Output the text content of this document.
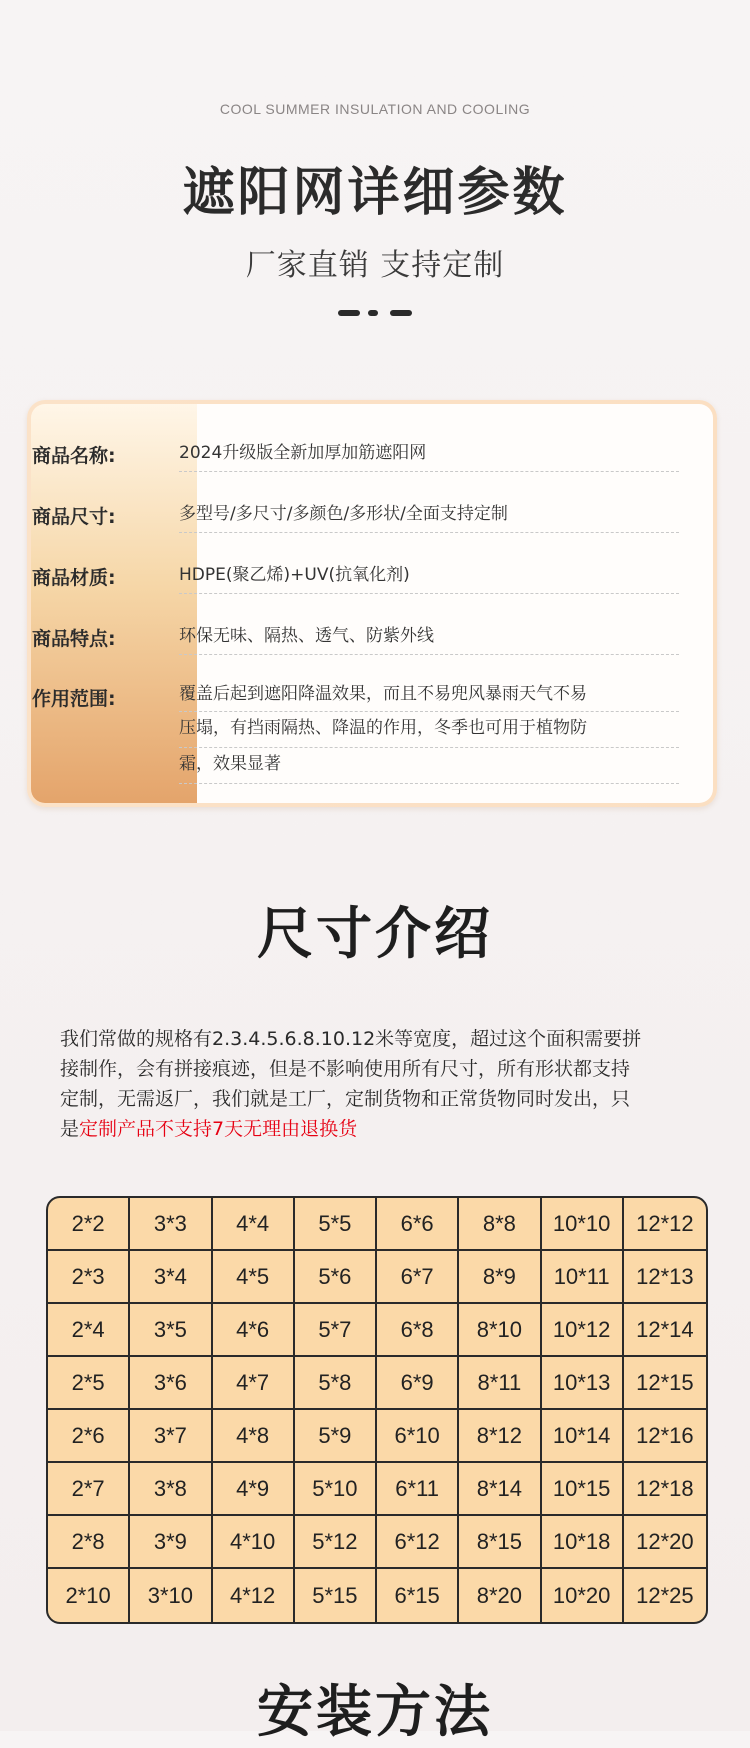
COOL SUMMER INSULATION AND COOLING
遮阳网详细参数
厂家直销 支持定制
商品名称:	2024升级版全新加厚加筋遮阳网
商品尺寸:	多型号/多尺寸/多颜色/多形状/全面支持定制
商品材质:	HDPE(聚乙烯)+UV(抗氧化剂)
商品特点:	环保无味、隔热、透气、防紫外线
作用范围:	覆盖后起到遮阳降温效果，而且不易兜风暴雨天气不易
压塌，有挡雨隔热、降温的作用，冬季也可用于植物防
霜，效果显著
尺寸介绍
我们常做的规格有2.3.4.5.6.8.10.12米等宽度，超过这个面积需要拼
接制作，会有拼接痕迹，但是不影响使用所有尺寸，所有形状都支持
定制，无需返厂，我们就是工厂，定制货物和正常货物同时发出，只
是定制产品不支持7天无理由退换货
2*2	3*3	4*4	5*5	6*6	8*8	10*10	12*12
2*3	3*4	4*5	5*6	6*7	8*9	10*11	12*13
2*4	3*5	4*6	5*7	6*8	8*10	10*12	12*14
2*5	3*6	4*7	5*8	6*9	8*11	10*13	12*15
2*6	3*7	4*8	5*9	6*10	8*12	10*14	12*16
2*7	3*8	4*9	5*10	6*11	8*14	10*15	12*18
2*8	3*9	4*10	5*12	6*12	8*15	10*18	12*20
2*10	3*10	4*12	5*15	6*15	8*20	10*20	12*25
安装方法
